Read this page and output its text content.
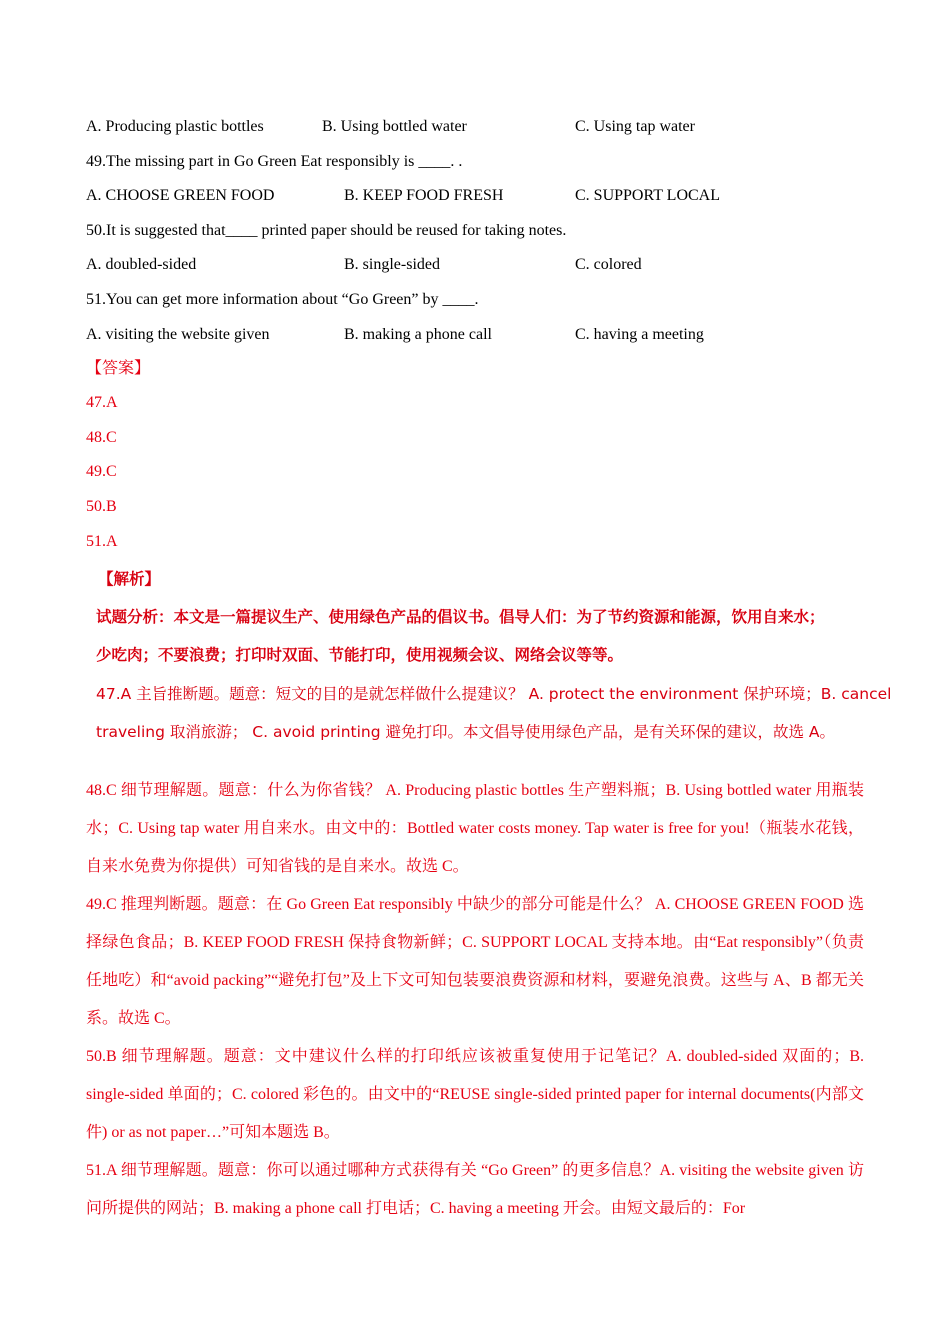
A. Producing plastic bottles	B. Using bottled water	C. Using tap water
49.The missing part in Go Green Eat responsibly is ____. .
A. CHOOSE GREEN FOOD	B. KEEP FOOD FRESH	C. SUPPORT LOCAL
50.It is suggested that____ printed paper should be reused for taking notes.
A. doubled-sided	B. single-sided	C. colored
51.You can get more information about “Go Green” by ____.
A. visiting the website given	B. making a phone call	C. having a meeting
【答案】
47.A
48.C
49.C
50.B
51.A
【解析】
试题分析：本文是一篇提议生产、使用绿色产品的倡议书。倡导人们：为了节约资源和能源，饮用自来水；
少吃肉；不要浪费；打印时双面、节能打印，使用视频会议、网络会议等等。
47.A 主旨推断题。题意：短文的目的是就怎样做什么提建议？ A. protect the environment 保护环境；B. cancel
traveling 取消旅游； C. avoid printing 避免打印。本文倡导使用绿色产品，是有关环保的建议，故选 A。

48.C 细节理解题。题意：什么为你省钱？ A. Producing plastic bottles 生产塑料瓶；B. Using bottled water 用瓶装水；C. Using tap water 用自来水。由文中的：Bottled water costs money. Tap water is free for you!（瓶装水花钱，自来水免费为你提供）可知省钱的是自来水。故选 C。

49.C 推理判断题。题意：在 Go Green Eat responsibly 中缺少的部分可能是什么？ A. CHOOSE GREEN FOOD 选择绿色食品；B. KEEP FOOD FRESH 保持食物新鲜；C. SUPPORT LOCAL 支持本地。由“Eat responsibly”（负责任地吃）和“avoid packing”“避免打包”及上下文可知包装要浪费资源和材料，要避免浪费。这些与 A、B 都无关系。故选 C。

50.B 细节理解题。题意：文中建议什么样的打印纸应该被重复使用于记笔记？A. doubled-sided 双面的；B. single-sided 单面的；C. colored 彩色的。由文中的“REUSE single-sided printed paper for internal documents(内部文件) or as not paper…”可知本题选 B。

51.A 细节理解题。题意：你可以通过哪种方式获得有关 “Go Green” 的更多信息？A. visiting the website given 访问所提供的网站；B. making a phone call 打电话；C. having a meeting 开会。由短文最后的：For
